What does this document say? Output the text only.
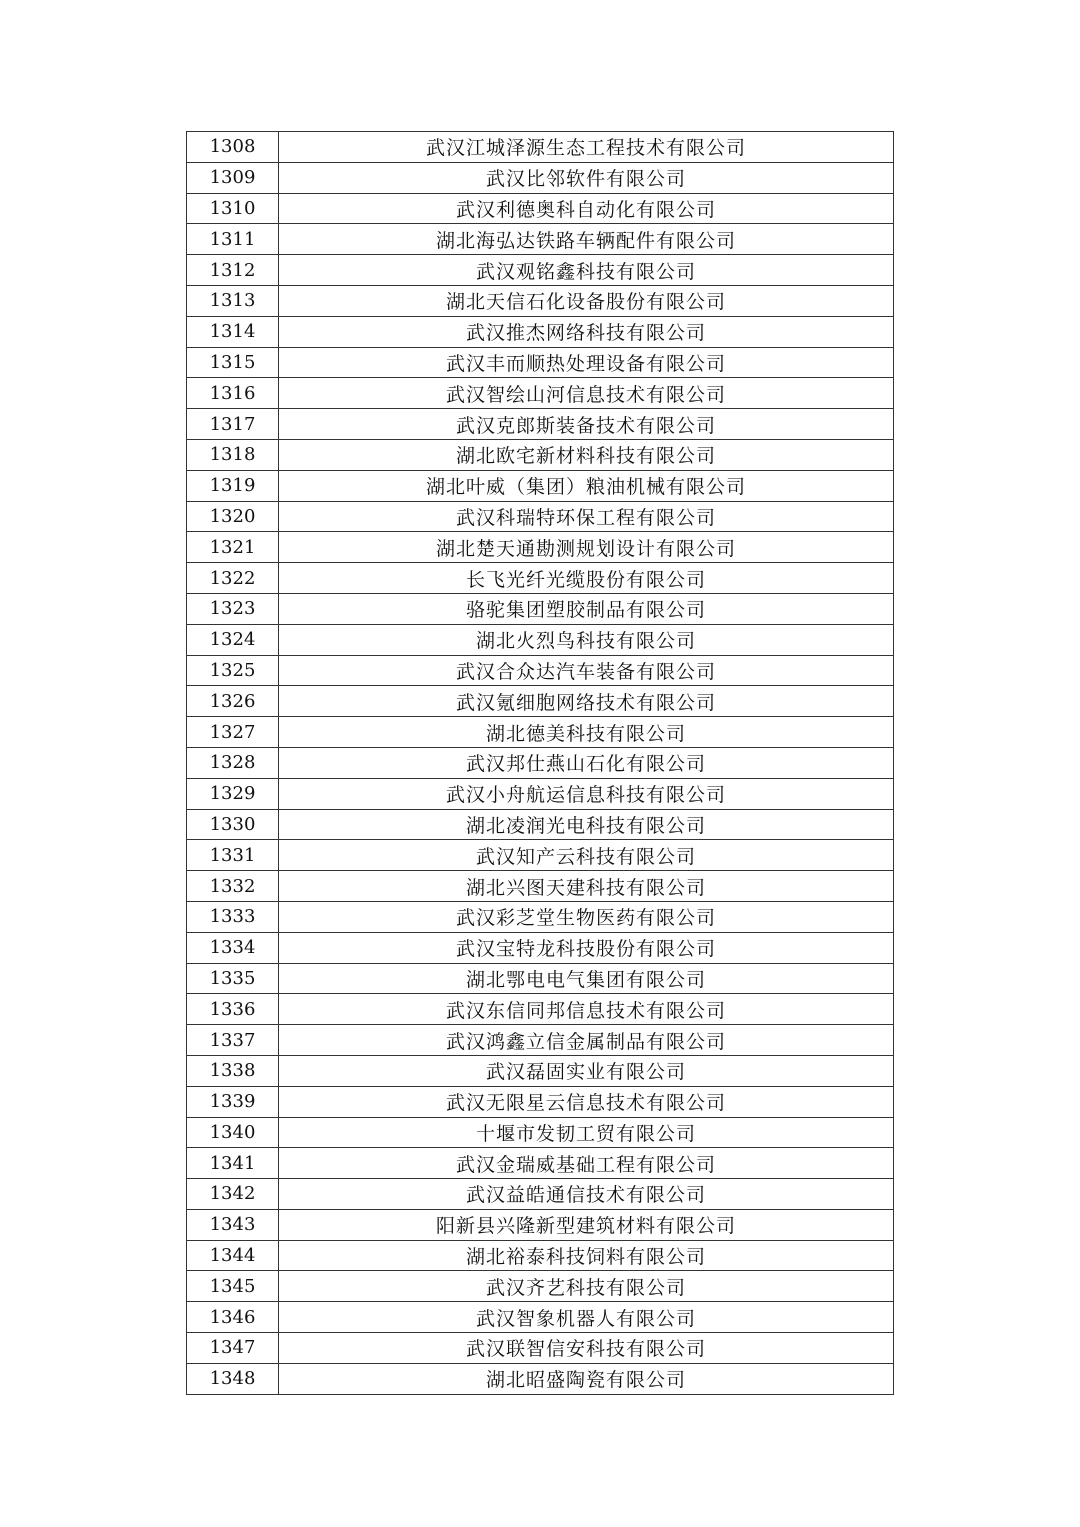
1308	武汉江城泽源生态工程技术有限公司
1309	武汉比邻软件有限公司
1310	武汉利德奥科自动化有限公司
1311	湖北海弘达铁路车辆配件有限公司
1312	武汉观铭鑫科技有限公司
1313	湖北天信石化设备股份有限公司
1314	武汉推杰网络科技有限公司
1315	武汉丰而顺热处理设备有限公司
1316	武汉智绘山河信息技术有限公司
1317	武汉克郎斯装备技术有限公司
1318	湖北欧宅新材料科技有限公司
1319	湖北叶威（集团）粮油机械有限公司
1320	武汉科瑞特环保工程有限公司
1321	湖北楚天通勘测规划设计有限公司
1322	长飞光纤光缆股份有限公司
1323	骆驼集团塑胶制品有限公司
1324	湖北火烈鸟科技有限公司
1325	武汉合众达汽车装备有限公司
1326	武汉氪细胞网络技术有限公司
1327	湖北德美科技有限公司
1328	武汉邦仕燕山石化有限公司
1329	武汉小舟航运信息科技有限公司
1330	湖北凌润光电科技有限公司
1331	武汉知产云科技有限公司
1332	湖北兴图天建科技有限公司
1333	武汉彩芝堂生物医药有限公司
1334	武汉宝特龙科技股份有限公司
1335	湖北鄂电电气集团有限公司
1336	武汉东信同邦信息技术有限公司
1337	武汉鸿鑫立信金属制品有限公司
1338	武汉磊固实业有限公司
1339	武汉无限星云信息技术有限公司
1340	十堰市发韧工贸有限公司
1341	武汉金瑞威基础工程有限公司
1342	武汉益皓通信技术有限公司
1343	阳新县兴隆新型建筑材料有限公司
1344	湖北裕泰科技饲料有限公司
1345	武汉齐艺科技有限公司
1346	武汉智象机器人有限公司
1347	武汉联智信安科技有限公司
1348	湖北昭盛陶瓷有限公司
